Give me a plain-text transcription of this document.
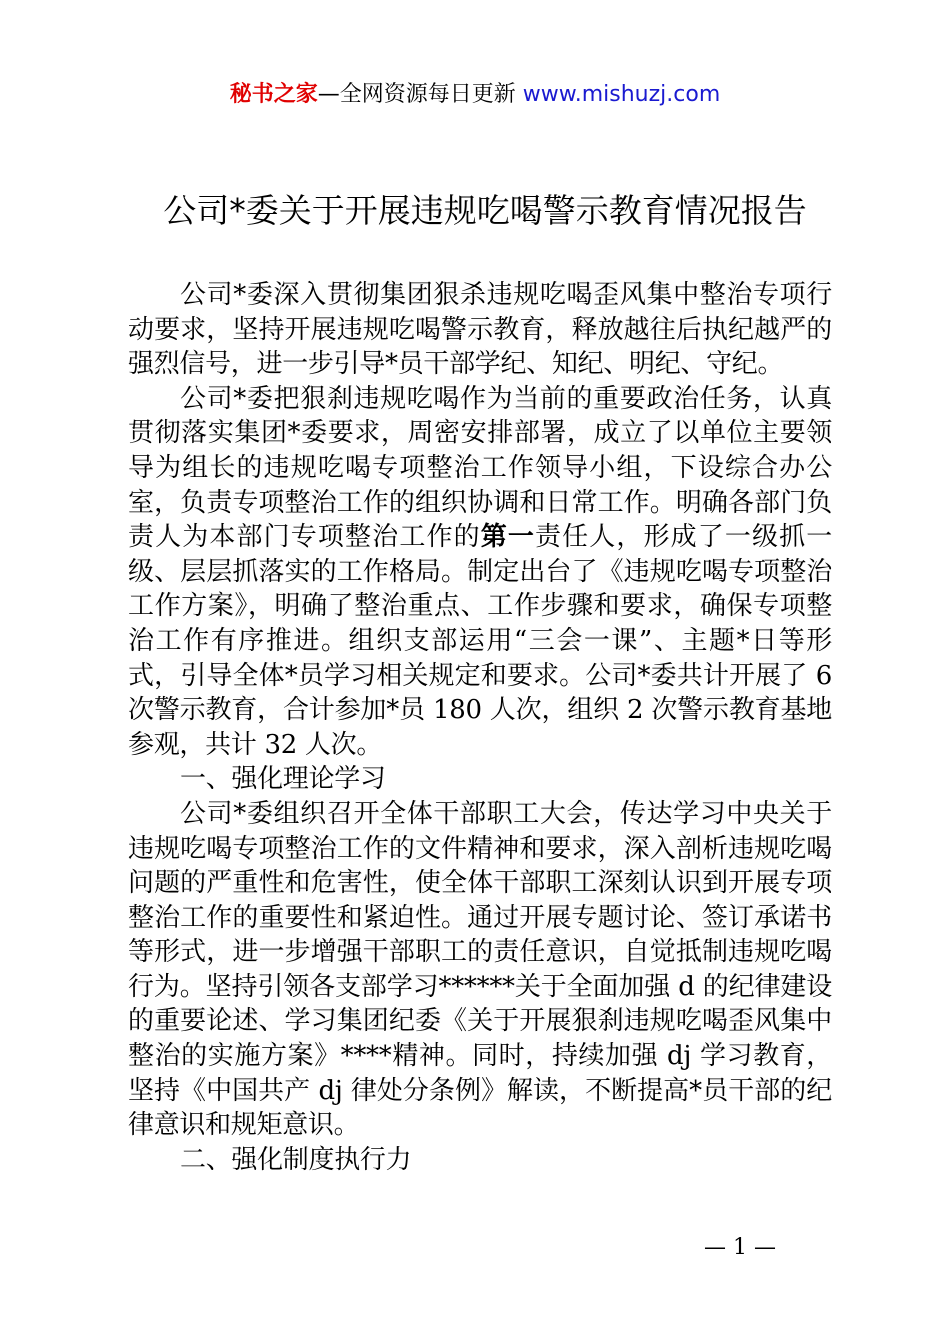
秘书之家—全网资源每日更新 www.mishuzj.com
公司*委关于开展违规吃喝警示教育情况报告

公司*委深入贯彻集团狠杀违规吃喝歪风集中整治专项行动要求，坚持开展违规吃喝警示教育，释放越往后执纪越严的强烈信号，进一步引导*员干部学纪、知纪、明纪、守纪。

公司*委把狠刹违规吃喝作为当前的重要政治任务，认真贯彻落实集团*委要求，周密安排部署，成立了以单位主要领导为组长的违规吃喝专项整治工作领导小组，下设综合办公室，负责专项整治工作的组织协调和日常工作。明确各部门负责人为本部门专项整治工作的第一责任人，形成了一级抓一级、层层抓落实的工作格局。制定出台了《违规吃喝专项整治工作方案》，明确了整治重点、工作步骤和要求，确保专项整治工作有序推进。组织支部运用“三会一课”、主题*日等形式，引导全体*员学习相关规定和要求。公司*委共计开展了 6 次警示教育，合计参加*员 180 人次，组织 2 次警示教育基地参观，共计 32 人次。

一、强化理论学习

公司*委组织召开全体干部职工大会，传达学习中央关于违规吃喝专项整治工作的文件精神和要求，深入剖析违规吃喝问题的严重性和危害性，使全体干部职工深刻认识到开展专项整治工作的重要性和紧迫性。通过开展专题讨论、签订承诺书等形式，进一步增强干部职工的责任意识，自觉抵制违规吃喝行为。坚持引领各支部学习******关于全面加强 d 的纪律建设的重要论述、学习集团纪委《关于开展狠刹违规吃喝歪风集中整治的实施方案》****精神。同时，持续加强 dj 学习教育，坚持《中国共产 dj 律处分条例》解读，不断提高*员干部的纪律意识和规矩意识。

二、强化制度执行力

— 1 —
